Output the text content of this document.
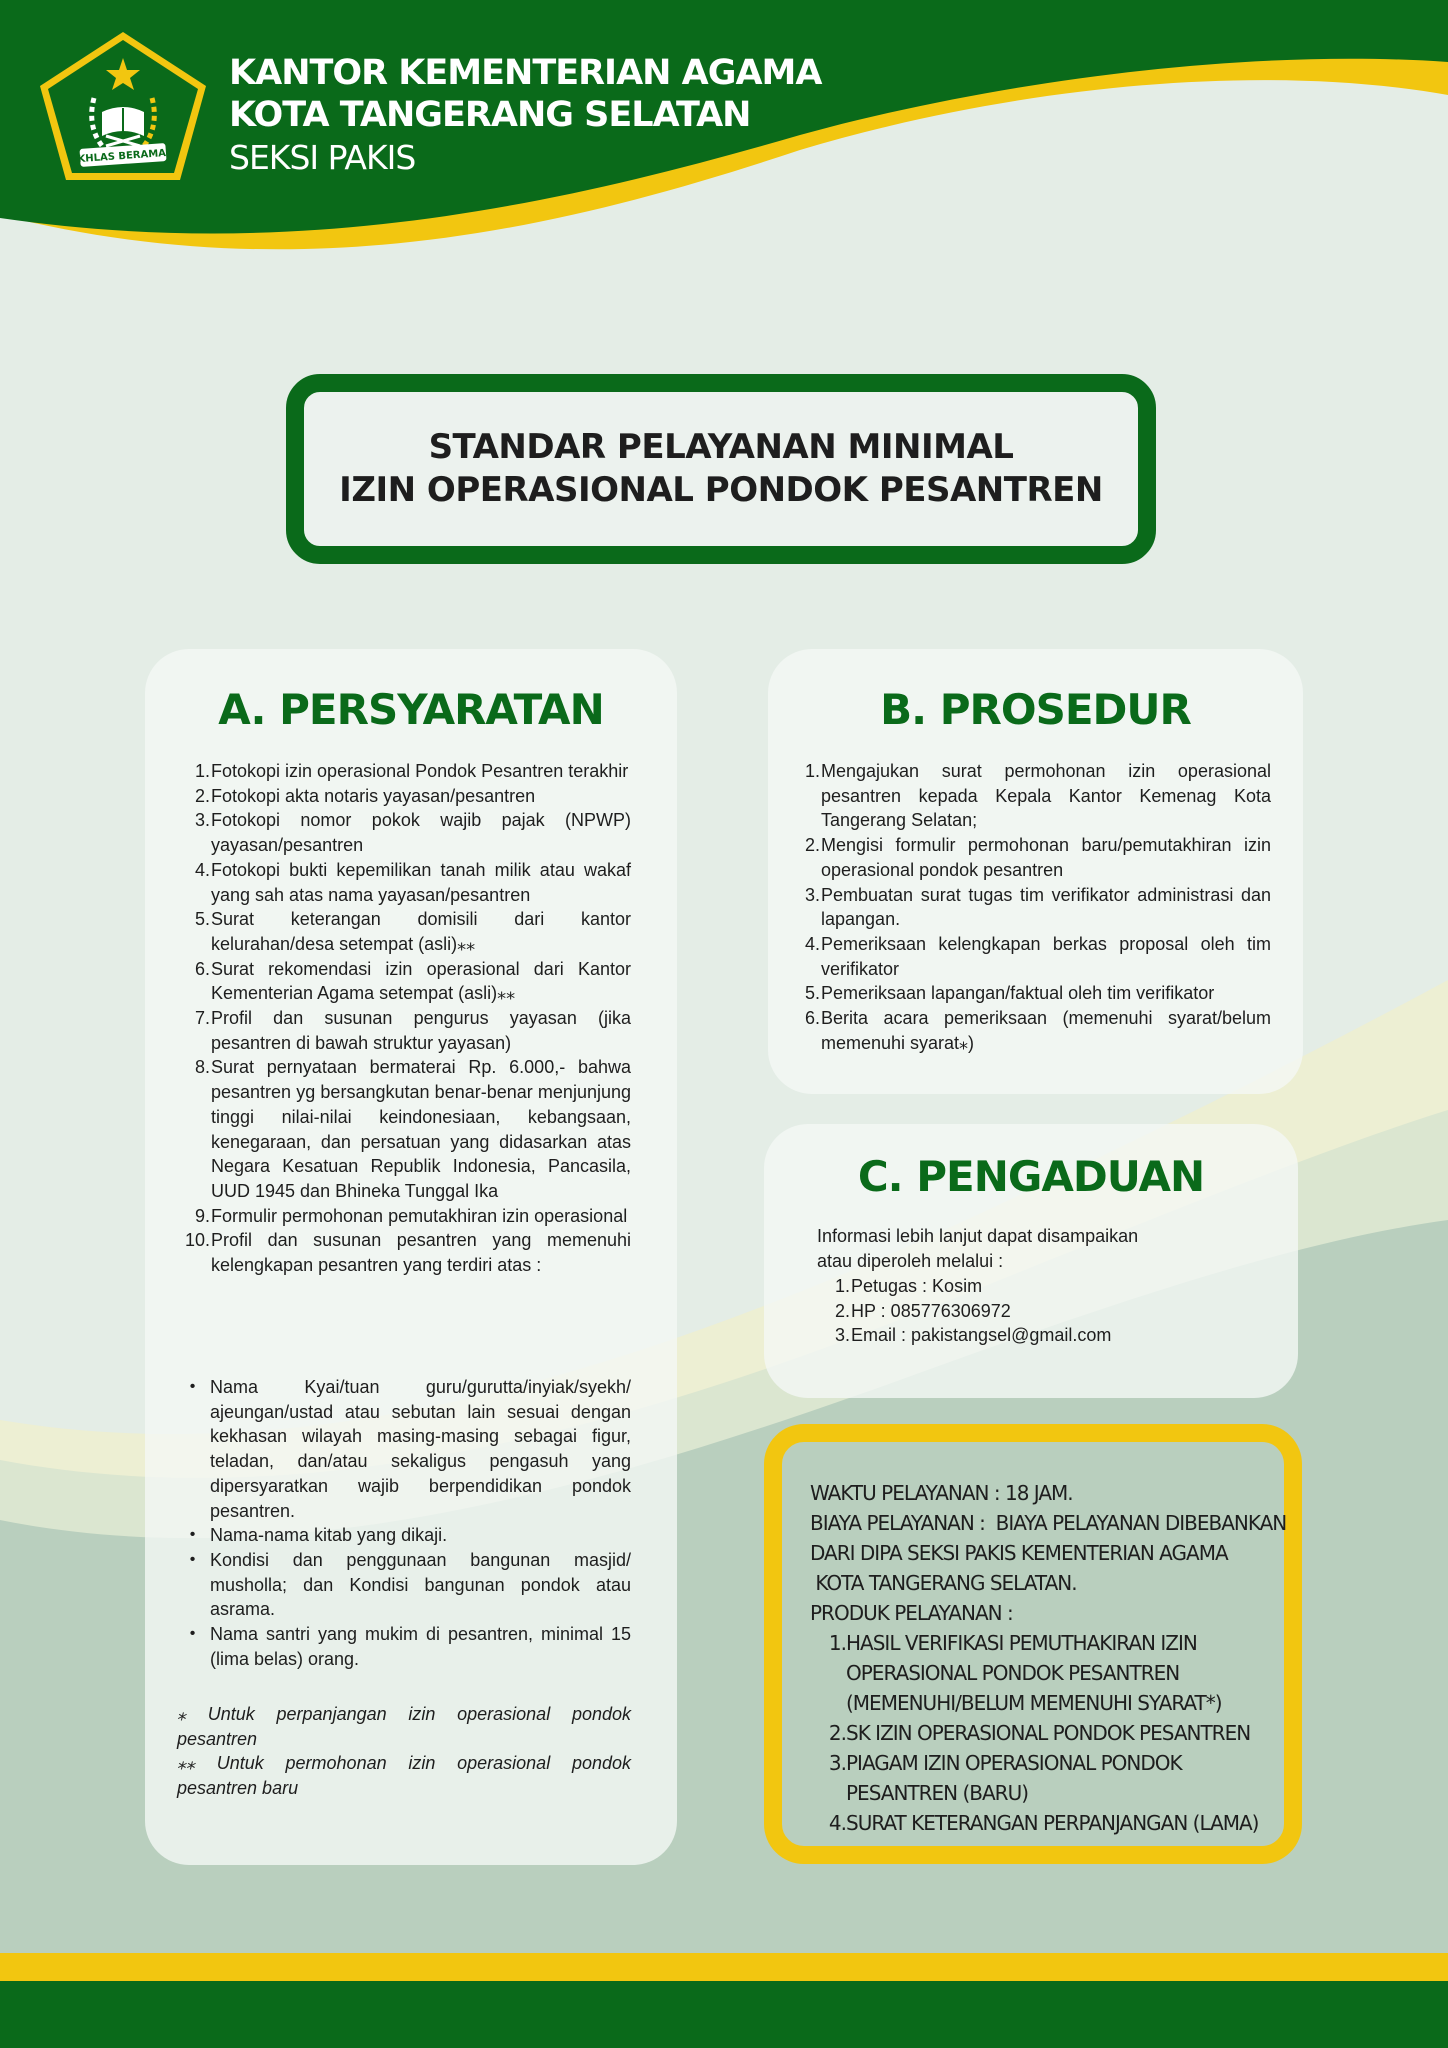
IKHLAS BERAMAL
KANTOR KEMENTERIAN AGAMA
KOTA TANGERANG SELATAN
SEKSI PAKIS
STANDAR PELAYANAN MINIMAL
IZIN OPERASIONAL PONDOK PESANTREN
A. PERSYARATAN
1. Fotokopi izin operasional Pondok Pesantren terakhir
2. Fotokopi akta notaris yayasan/pesantren
3. Fotokopi nomor pokok wajib pajak (NPWP) yayasan/pesantren
4. Fotokopi bukti kepemilikan tanah milik atau wakaf yang sah atas nama yayasan/pesantren
5. Surat keterangan domisili dari kantor kelurahan/desa setempat (asli)⁎⁎
6. Surat rekomendasi izin operasional dari Kantor Kementerian Agama setempat (asli)⁎⁎
7. Profil dan susunan pengurus yayasan (jika pesantren di bawah struktur yayasan)
8. Surat pernyataan bermaterai Rp. 6.000,- bahwa pesantren yg bersangkutan benar-benar menjunjung tinggi nilai-nilai keindonesiaan, kebangsaan, kenegaraan, dan persatuan yang didasarkan atas Negara Kesatuan Republik Indonesia, Pancasila, UUD 1945 dan Bhineka Tunggal Ika
9. Formulir permohonan pemutakhiran izin operasional
10. Profil dan susunan pesantren yang memenuhi kelengkapan pesantren yang terdiri atas :
• Nama Kyai/tuan guru/gurutta/inyiak/syekh/ ajeungan/ustad atau sebutan lain sesuai dengan kekhasan wilayah masing-masing sebagai figur, teladan, dan/atau sekaligus pengasuh yang dipersyaratkan wajib berpendidikan pondok pesantren.
• Nama-nama kitab yang dikaji.
• Kondisi dan penggunaan bangunan masjid/ musholla; dan Kondisi bangunan pondok atau asrama.
• Nama santri yang mukim di pesantren, minimal 15 (lima belas) orang.

⁎ Untuk perpanjangan izin operasional pondok pesantren

⁎⁎ Untuk permohonan izin operasional pondok pesantren baru

B. PROSEDUR
1. Mengajukan surat permohonan izin operasional pesantren kepada Kepala Kantor Kemenag Kota Tangerang Selatan;
2. Mengisi formulir permohonan baru/pemutakhiran izin operasional pondok pesantren
3. Pembuatan surat tugas tim verifikator administrasi dan lapangan.
4. Pemeriksaan kelengkapan berkas proposal oleh tim verifikator
5. Pemeriksaan lapangan/faktual oleh tim verifikator
6. Berita acara pemeriksaan (memenuhi syarat/belum memenuhi syarat⁎)
C. PENGADUAN

Informasi lebih lanjut dapat disampaikan

atau diperoleh melalui :

1. Petugas : Kosim
2. HP : 085776306972
3. Email : pakistangsel@gmail.com

WAKTU PELAYANAN : 18 JAM.

BIAYA PELAYANAN :  BIAYA PELAYANAN DIBEBANKAN

DARI DIPA SEKSI PAKIS KEMENTERIAN AGAMA

KOTA TANGERANG SELATAN.

PRODUK PELAYANAN :

1. HASIL VERIFIKASI PEMUTHAKIRAN IZIN OPERASIONAL PONDOK PESANTREN (MEMENUHI/BELUM MEMENUHI SYARAT*)
2. SK IZIN OPERASIONAL PONDOK PESANTREN
3. PIAGAM IZIN OPERASIONAL PONDOK PESANTREN (BARU)
4. SURAT KETERANGAN PERPANJANGAN (LAMA)
